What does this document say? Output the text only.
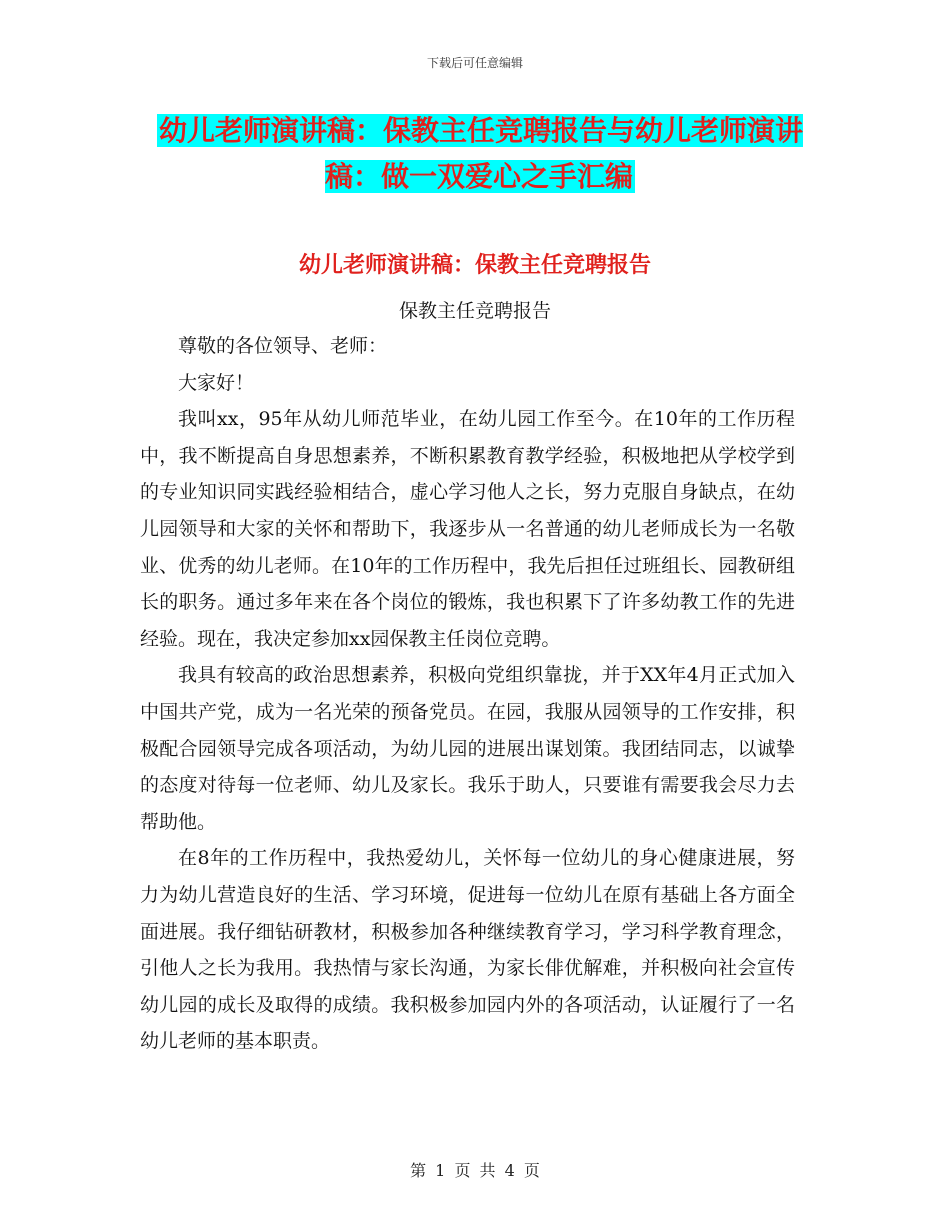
下载后可任意编辑
幼儿老师演讲稿：保教主任竞聘报告与幼儿老师演讲稿：做一双爱心之手汇编
幼儿老师演讲稿：保教主任竞聘报告
保教主任竞聘报告

尊敬的各位领导、老师：

大家好！

我叫xx，95年从幼儿师范毕业，在幼儿园工作至今。在10年的工作历程中，我不断提高自身思想素养，不断积累教育教学经验，积极地把从学校学到的专业知识同实践经验相结合，虚心学习他人之长，努力克服自身缺点，在幼儿园领导和大家的关怀和帮助下，我逐步从一名普通的幼儿老师成长为一名敬业、优秀的幼儿老师。在10年的工作历程中，我先后担任过班组长、园教研组长的职务。通过多年来在各个岗位的锻炼，我也积累下了许多幼教工作的先进经验。现在，我决定参加xx园保教主任岗位竞聘。

我具有较高的政治思想素养，积极向党组织靠拢，并于XX年4月正式加入中国共产党，成为一名光荣的预备党员。在园，我服从园领导的工作安排，积极配合园领导完成各项活动，为幼儿园的进展出谋划策。我团结同志，以诚挚的态度对待每一位老师、幼儿及家长。我乐于助人，只要谁有需要我会尽力去帮助他。

在8年的工作历程中，我热爱幼儿，关怀每一位幼儿的身心健康进展，努力为幼儿营造良好的生活、学习环境，促进每一位幼儿在原有基础上各方面全面进展。我仔细钻研教材，积极参加各种继续教育学习，学习科学教育理念，引他人之长为我用。我热情与家长沟通，为家长俳优解难，并积极向社会宣传幼儿园的成长及取得的成绩。我积极参加园内外的各项活动，认证履行了一名幼儿老师的基本职责。

第 1 页 共 4 页
